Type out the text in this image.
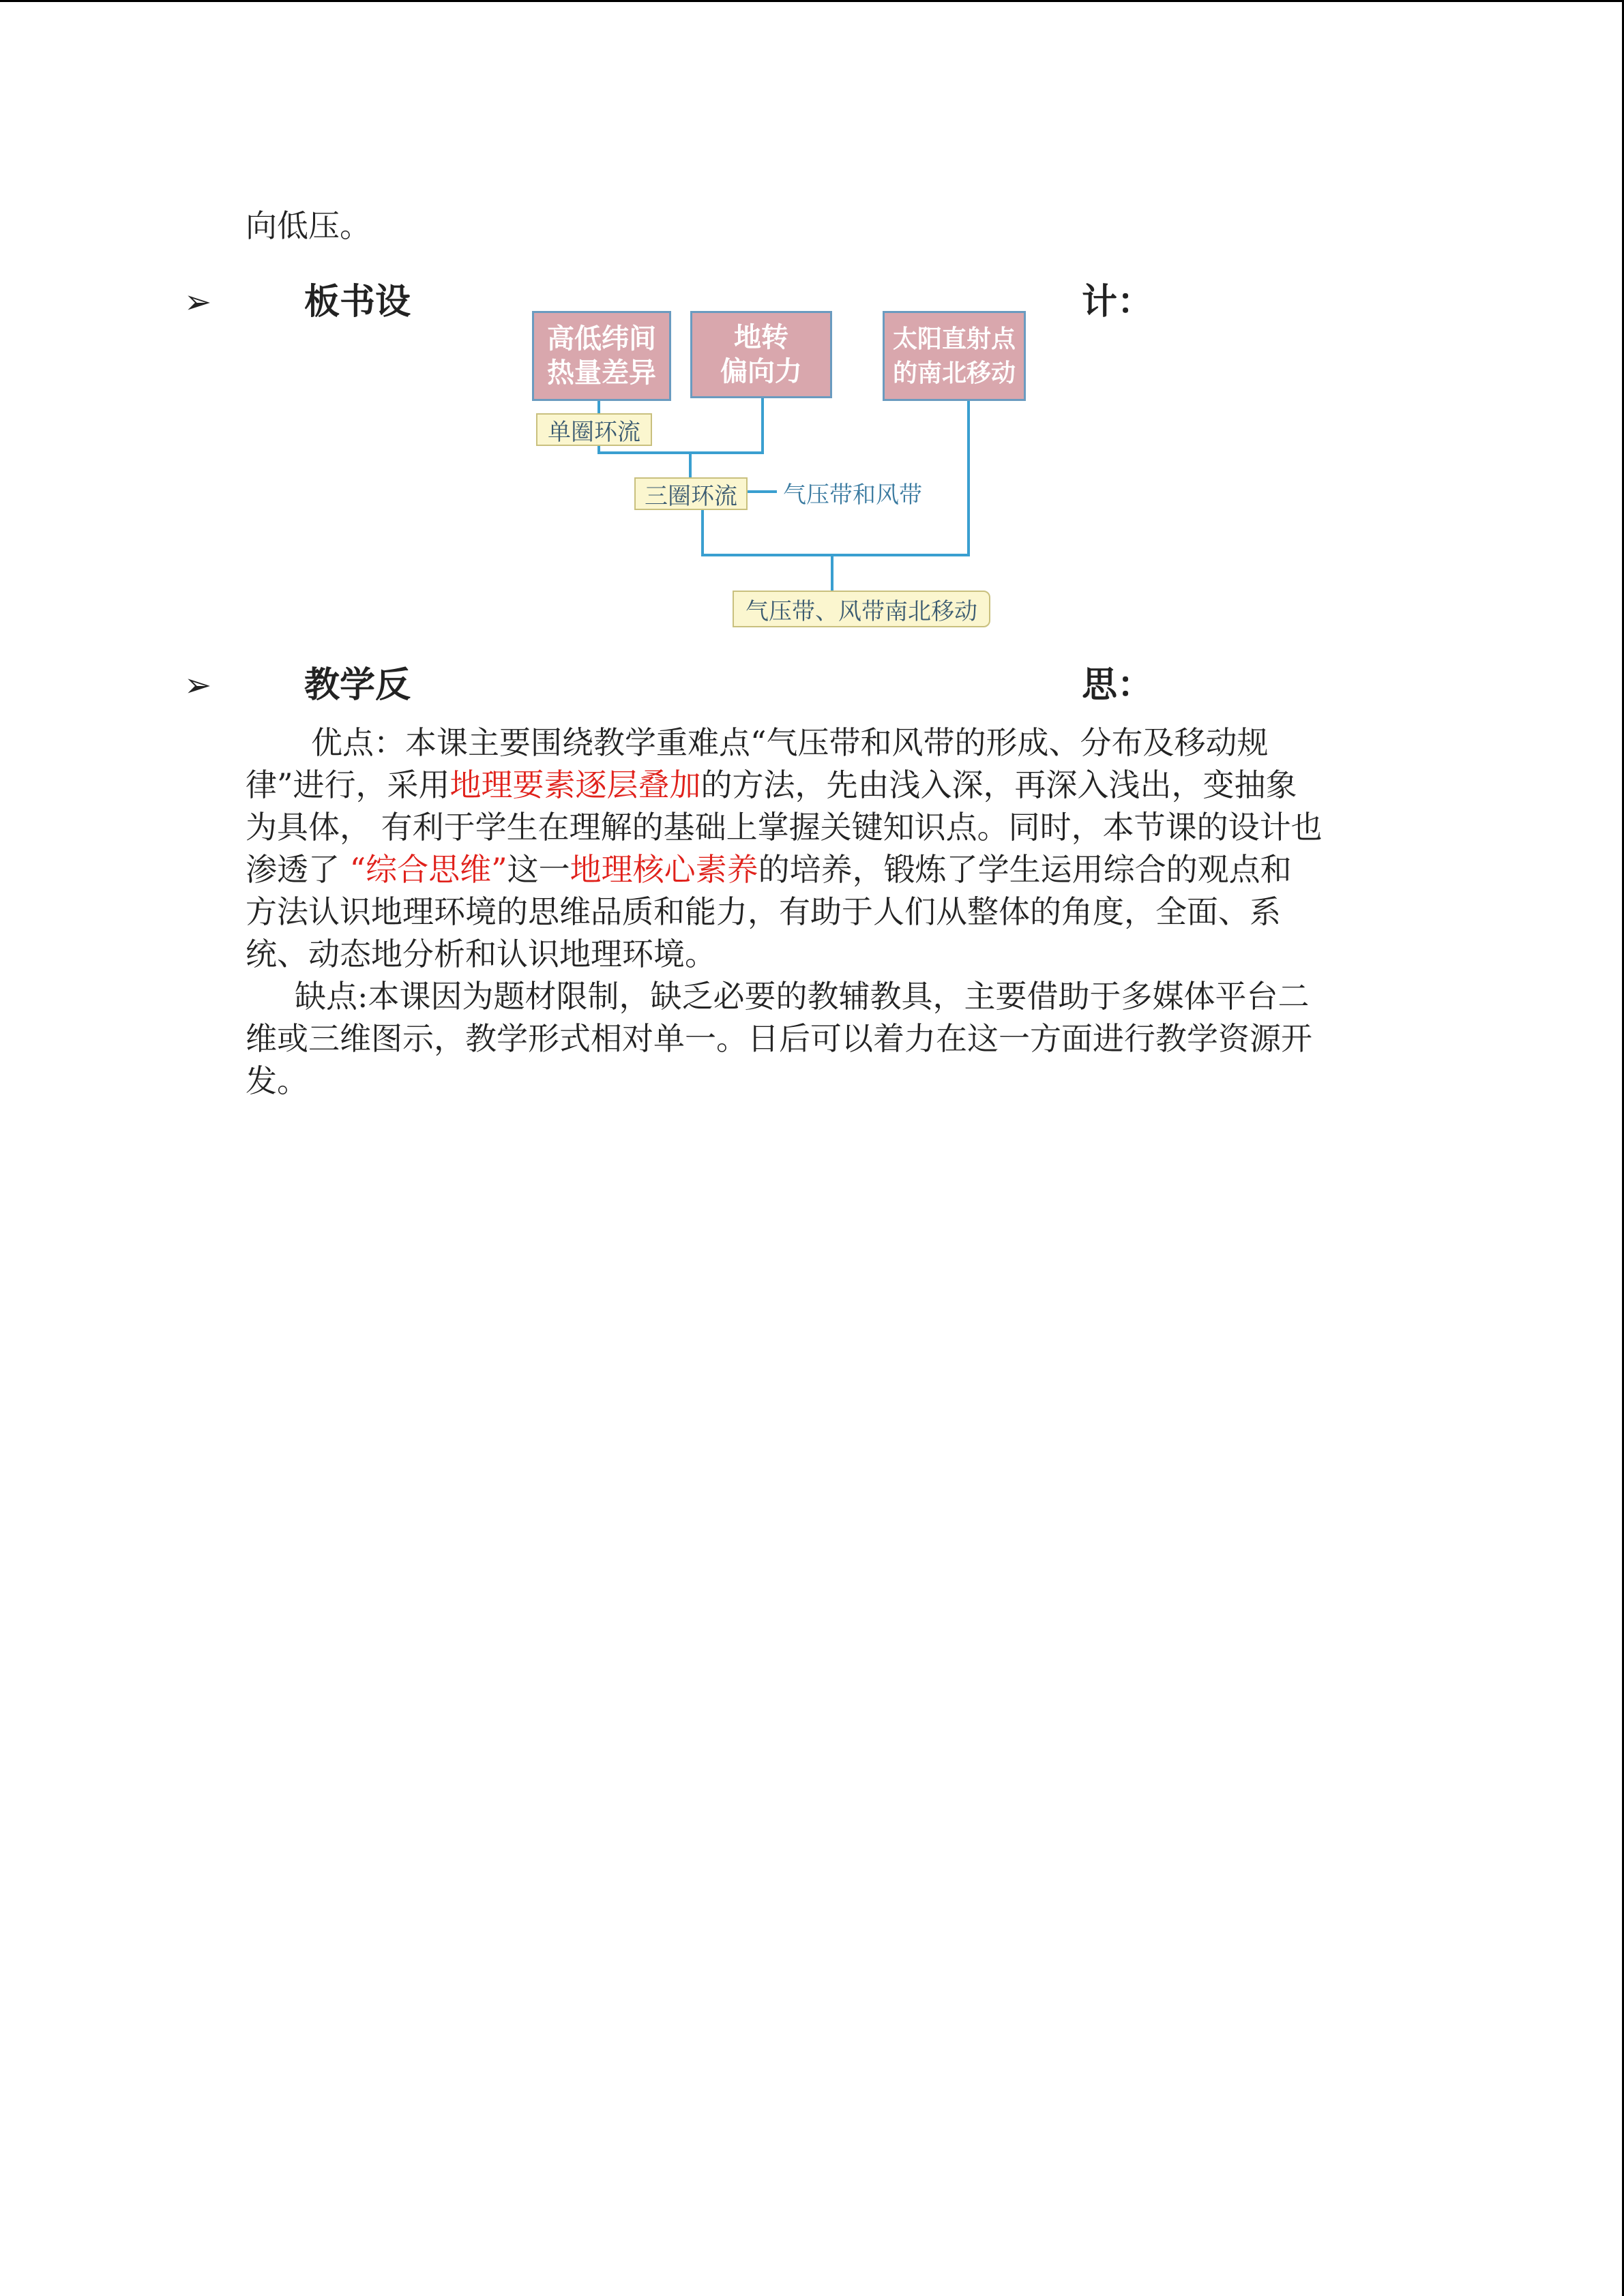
向低压。
➢	板书设	计：
高低纬间
热量差异
地转
偏向力
太阳直射点
的南北移动
单圈环流
三圈环流	气压带和风带
气压带、风带南北移动
➢	教学反	思：
优点：本课主要围绕教学重难点“气压带和风带的形成、分布及移动规
律”进行，采用地理要素逐层叠加的方法，先由浅入深，再深入浅出，变抽象
为具体， 有利于学生在理解的基础上掌握关键知识点。同时，本节课的设计也
渗透了 “综合思维”这一地理核心素养的培养，锻炼了学生运用综合的观点和
方法认识地理环境的思维品质和能力，有助于人们从整体的角度，全面、系
统、动态地分析和认识地理环境。
缺点:本课因为题材限制，缺乏必要的教辅教具，主要借助于多媒体平台二
维或三维图示，教学形式相对单一。日后可以着力在这一方面进行教学资源开
发。
